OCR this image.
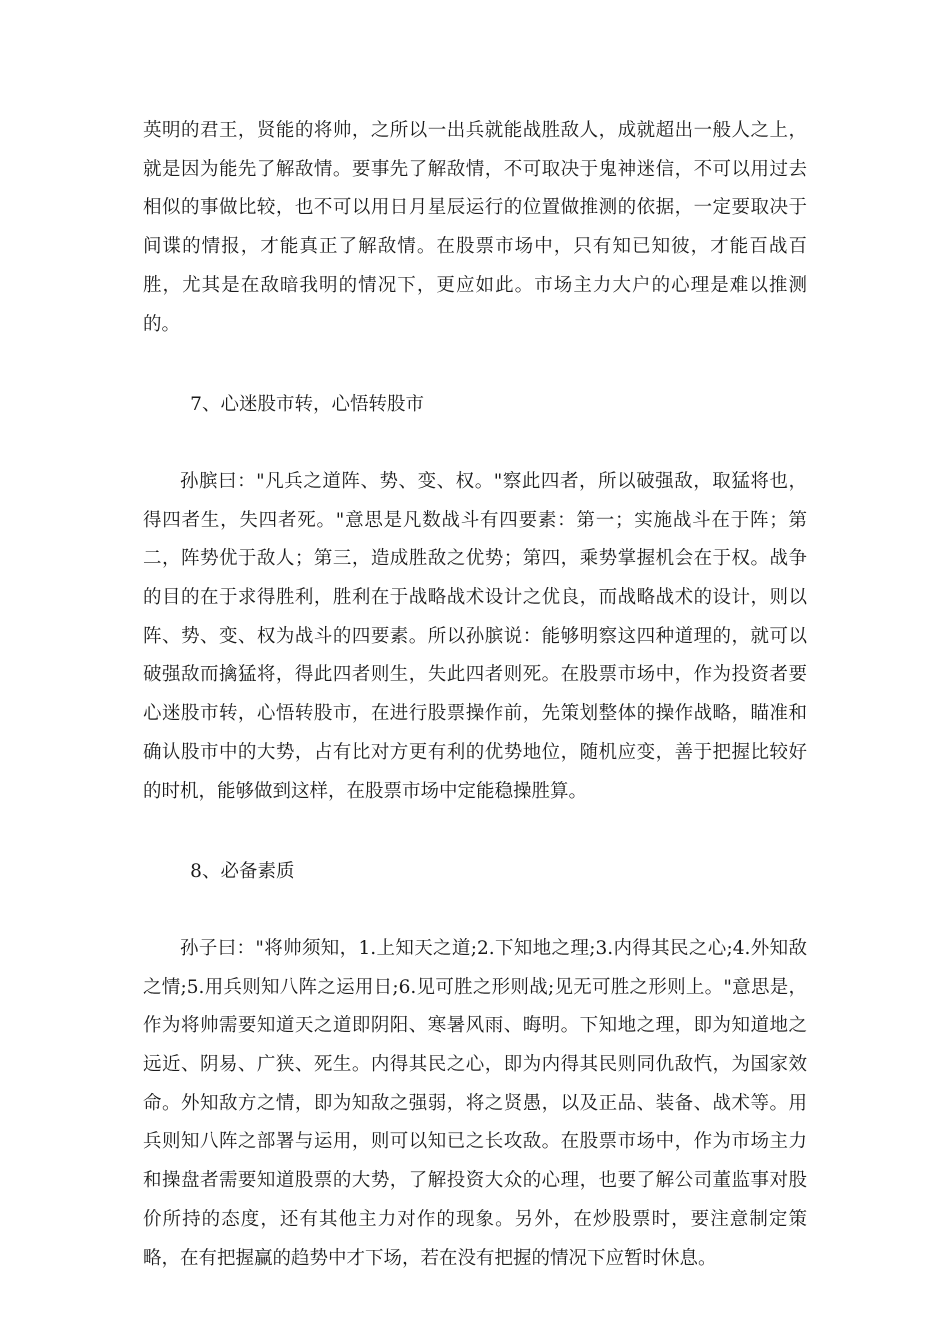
英明的君王，贤能的将帅，之所以一出兵就能战胜敌人，成就超出一般人之上，就是因为能先了解敌情。要事先了解敌情，不可取决于鬼神迷信，不可以用过去相似的事做比较，也不可以用日月星辰运行的位置做推测的依据，一定要取决于间谍的情报，才能真正了解敌情。在股票市场中，只有知已知彼，才能百战百胜，尤其是在敌暗我明的情况下，更应如此。市场主力大户的心理是难以推测的。

7、心迷股市转，心悟转股市

孙膑曰："凡兵之道阵、势、变、权。"察此四者，所以破强敌，取猛将也，得四者生，失四者死。"意思是凡数战斗有四要素：第一；实施战斗在于阵；第二，阵势优于敌人；第三，造成胜敌之优势；第四，乘势掌握机会在于权。战争的目的在于求得胜利，胜利在于战略战术设计之优良，而战略战术的设计，则以阵、势、变、权为战斗的四要素。所以孙膑说：能够明察这四种道理的，就可以破强敌而擒猛将，得此四者则生，失此四者则死。在股票市场中，作为投资者要心迷股市转，心悟转股市，在进行股票操作前，先策划整体的操作战略，瞄准和确认股市中的大势，占有比对方更有利的优势地位，随机应变，善于把握比较好的时机，能够做到这样，在股票市场中定能稳操胜算。

8、必备素质

孙子曰："将帅须知，1.上知天之道;2.下知地之理;3.内得其民之心;4.外知敌之情;5.用兵则知八阵之运用日;6.见可胜之形则战;见无可胜之形则上。"意思是，作为将帅需要知道天之道即阴阳、寒暑风雨、晦明。下知地之理，即为知道地之远近、阴易、广狭、死生。内得其民之心，即为内得其民则同仇敌忾，为国家效命。外知敌方之情，即为知敌之强弱，将之贤愚，以及正品、装备、战术等。用兵则知八阵之部署与运用，则可以知已之长攻敌。在股票市场中，作为市场主力和操盘者需要知道股票的大势，了解投资大众的心理，也要了解公司董监事对股价所持的态度，还有其他主力对作的现象。另外，在炒股票时，要注意制定策略，在有把握赢的趋势中才下场，若在没有把握的情况下应暂时休息。
